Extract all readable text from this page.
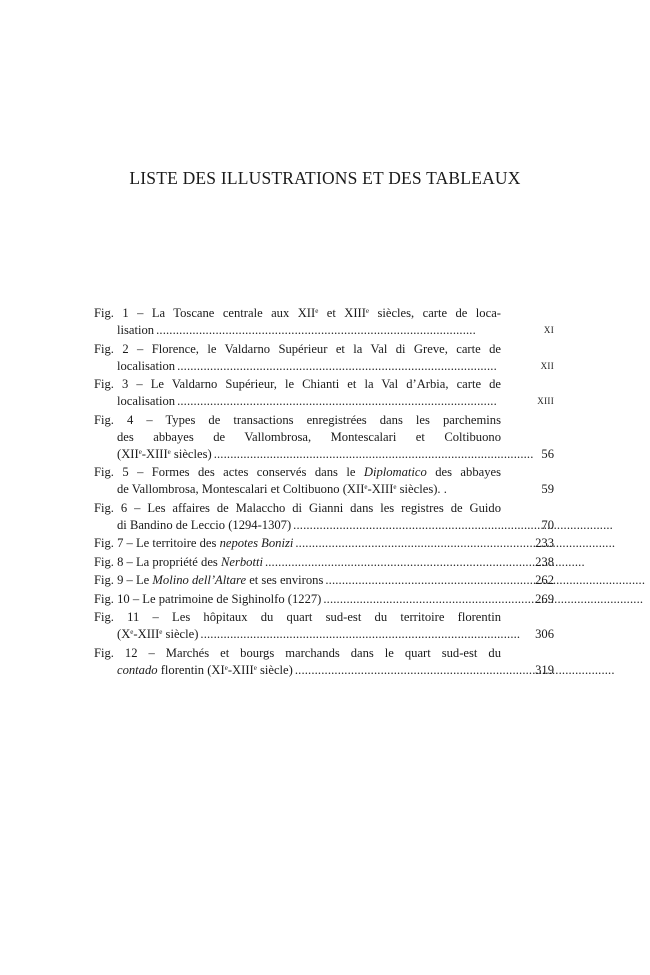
LISTE DES ILLUSTRATIONS ET DES TABLEAUX
Fig. 1 – La Toscane centrale aux XIIe et XIIIe siècles, carte de loca-
lisation . . .	XI
Fig. 2 – Florence, le Valdarno Supérieur et la Val di Greve, carte de
localisation . . .	XII
Fig. 3 – Le Valdarno Supérieur, le Chianti et la Val d’Arbia, carte de
localisation . . .	XIII
Fig. 4 – Types de transactions enregistrées dans les parchemins
des abbayes de Vallombrosa, Montescalari et Coltibuono
(XIIe-XIIIe siècles) . . .	56
Fig. 5 – Formes des actes conservés dans le Diplomatico des abbayes
de Vallombrosa, Montescalari et Coltibuono (XIIe-XIIIe siècles). .	59
Fig. 6 – Les affaires de Malaccho di Gianni dans les registres de Guido
di Bandino de Leccio (1294-1307) . . .	70
Fig. 7 – Le territoire des nepotes Bonizi . . .	233
Fig. 8 – La propriété des Nerbotti . . .	238
Fig. 9 – Le Molino dell’Altare et ses environs . . .	262
Fig. 10 – Le patrimoine de Sighinolfo (1227) . . .	269
Fig. 11 – Les hôpitaux du quart sud-est du territoire florentin
(Xe-XIIIe siècle) . . .	306
Fig. 12 – Marchés et bourgs marchands dans le quart sud-est du
contado florentin (XIe-XIIIe siècle) . . .	319
